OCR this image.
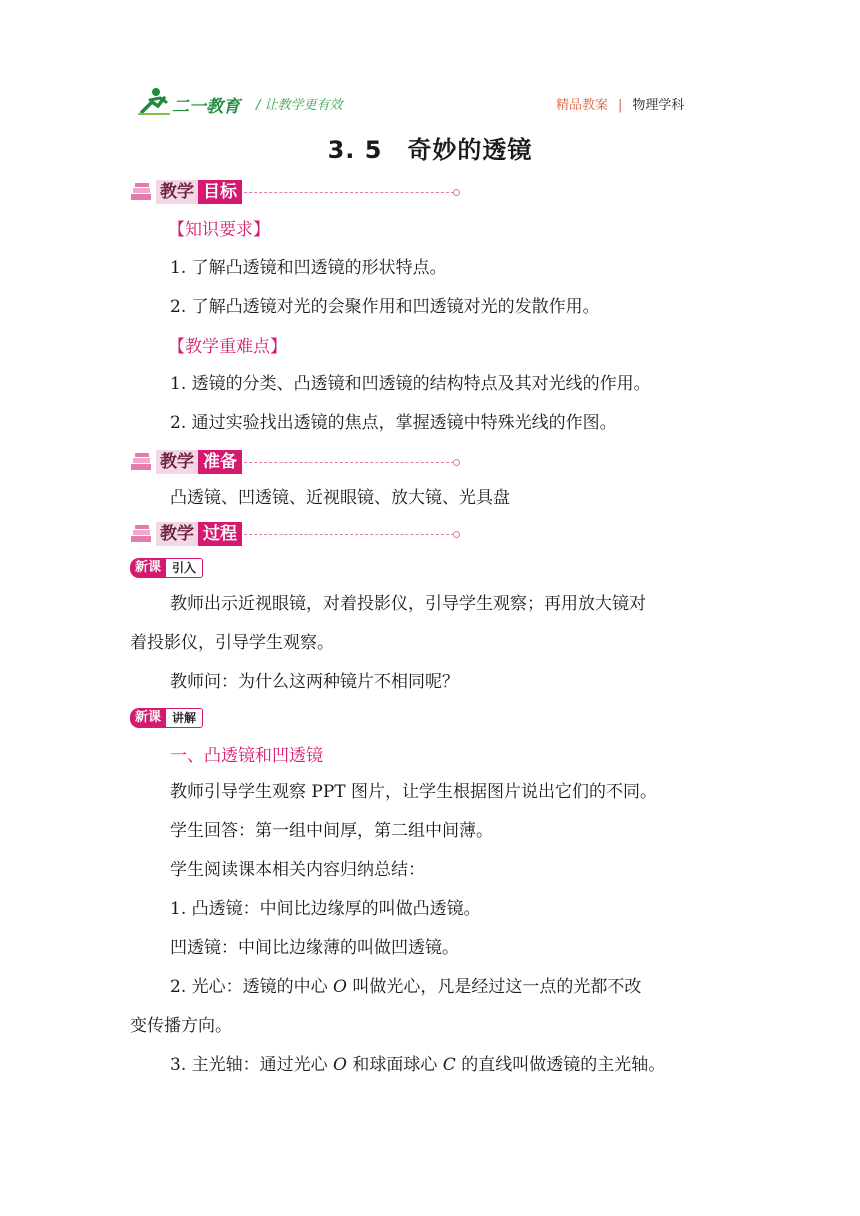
二一教育 / 让教学更有效	精品教案 | 物理学科
3. 5　奇妙的透镜
教学 目标
【知识要求】
1. 了解凸透镜和凹透镜的形状特点。
2. 了解凸透镜对光的会聚作用和凹透镜对光的发散作用。
【教学重难点】
1. 透镜的分类、凸透镜和凹透镜的结构特点及其对光线的作用。
2. 通过实验找出透镜的焦点，掌握透镜中特殊光线的作图。
教学 准备
凸透镜、凹透镜、近视眼镜、放大镜、光具盘
教学 过程
新课 引入
教师出示近视眼镜，对着投影仪，引导学生观察；再用放大镜对
着投影仪，引导学生观察。
教师问：为什么这两种镜片不相同呢？
新课 讲解
一、凸透镜和凹透镜
教师引导学生观察 PPT 图片，让学生根据图片说出它们的不同。
学生回答：第一组中间厚，第二组中间薄。
学生阅读课本相关内容归纳总结：
1. 凸透镜：中间比边缘厚的叫做凸透镜。
凹透镜：中间比边缘薄的叫做凹透镜。
2. 光心：透镜的中心 O 叫做光心，凡是经过这一点的光都不改
变传播方向。
3. 主光轴：通过光心 O 和球面球心 C 的直线叫做透镜的主光轴。
